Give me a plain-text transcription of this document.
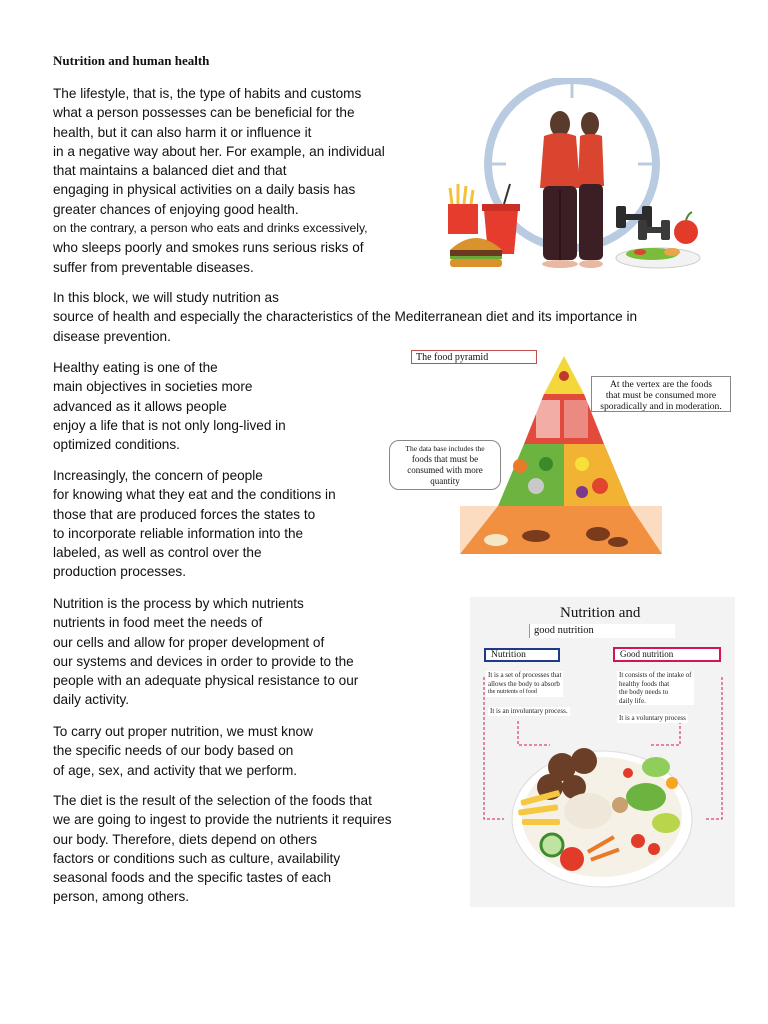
Nutrition and human health
The lifestyle, that is, the type of habits and customs
what a person possesses can be beneficial for the
health, but it can also harm it or influence it
in a negative way about her. For example, an individual
that maintains a balanced diet and that
engaging in physical activities on a daily basis has
greater chances of enjoying good health.
on the contrary, a person who eats and drinks excessively,
who sleeps poorly and smokes runs serious risks of
suffer from preventable diseases.
In this block, we will study nutrition as
source of health and especially the characteristics of the Mediterranean diet and its importance in
disease prevention.
Healthy eating is one of the
main objectives in societies more
advanced as it allows people
enjoy a life that is not only long-lived in
optimized conditions.
Increasingly, the concern of people
for knowing what they eat and the conditions in
those that are produced forces the states to
to incorporate reliable information into the
labeled, as well as control over the
production processes.
Nutrition is the process by which nutrients
nutrients in food meet the needs of
our cells and allow for proper development of
our systems and devices in order to provide to the
people with an adequate physical resistance to our
daily activity.
To carry out proper nutrition, we must know
the specific needs of our body based on
of age, sex, and activity that we perform.
The diet is the result of the selection of the foods that
we are going to ingest to provide the nutrients it requires
our body. Therefore, diets depend on others
factors or conditions such as culture, availability
seasonal foods and the specific tastes of each
person, among others.
The food pyramid
At the vertex are the foods
that must be consumed more
sporadically and in moderation.
The data base includes the
foods that must be
consumed with more
quantity
Nutrition and
good nutrition
Nutrition	Good nutrition
It is a set of processes that
allows the body to absorb
the nutrients of food
It is an involuntary process.
It consists of the intake of
healthy foods that
the body needs to
daily life.
It is a voluntary process
